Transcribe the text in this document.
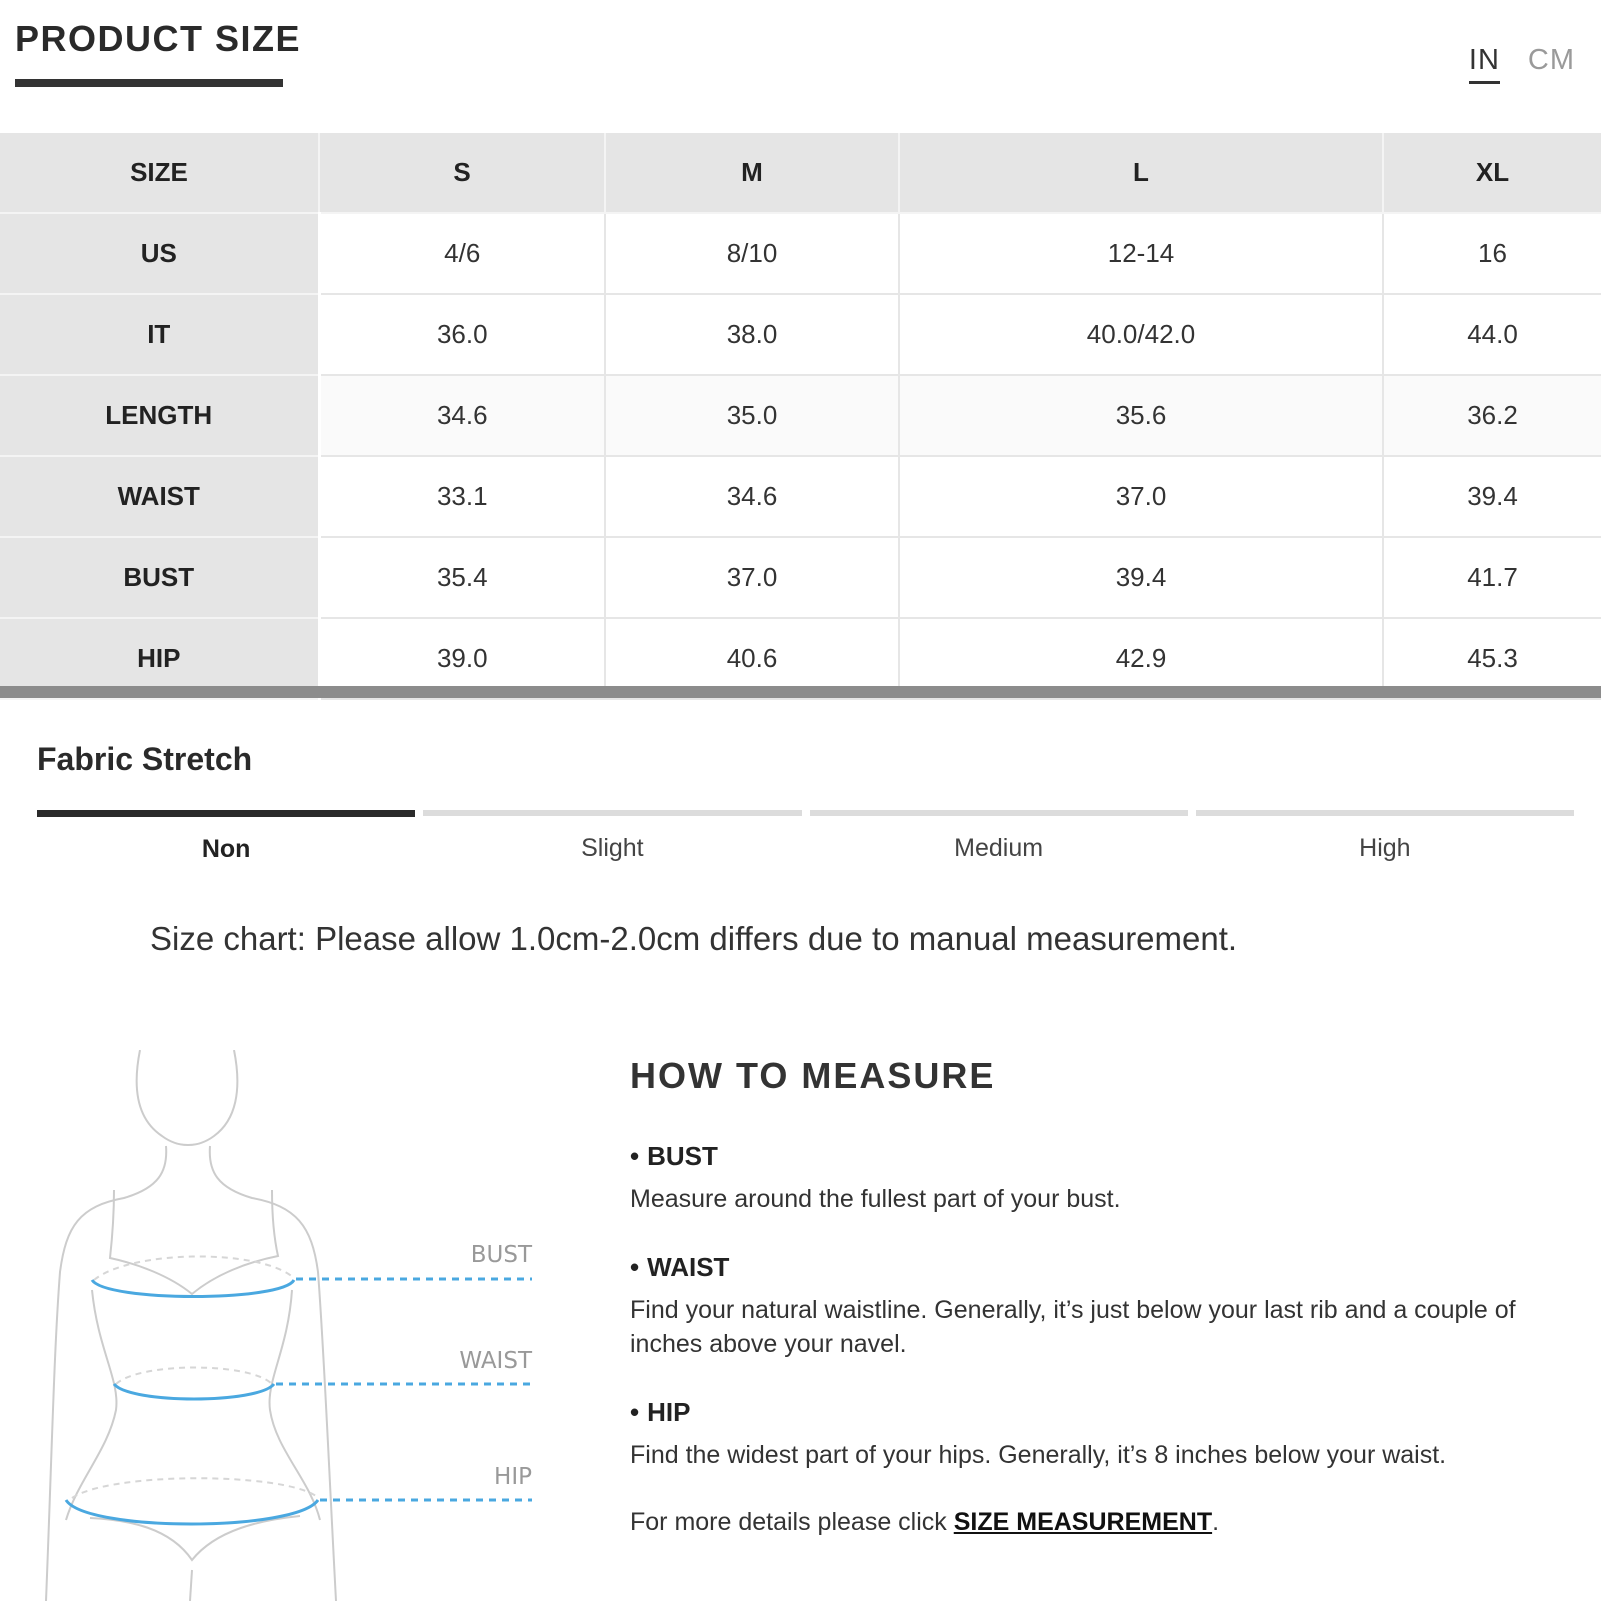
PRODUCT SIZE
IN CM
SIZE	S	M	L	XL
US	4/6	8/10	12-14	16
IT	36.0	38.0	40.0/42.0	44.0
LENGTH	34.6	35.0	35.6	36.2
WAIST	33.1	34.6	37.0	39.4
BUST	35.4	37.0	39.4	41.7
HIP	39.0	40.6	42.9	45.3
Fabric Stretch
Non	Slight	Medium	High

Size chart: Please allow 1.0cm-2.0cm differs due to manual measurement.

BUST
WAIST
HIP
HOW TO MEASURE
• BUST
Measure around the fullest part of your bust.
• WAIST
Find your natural waistline. Generally, it’s just below your last rib and a couple of inches above your navel.
• HIP
Find the widest part of your hips. Generally, it’s 8 inches below your waist.
For more details please click SIZE MEASUREMENT.
